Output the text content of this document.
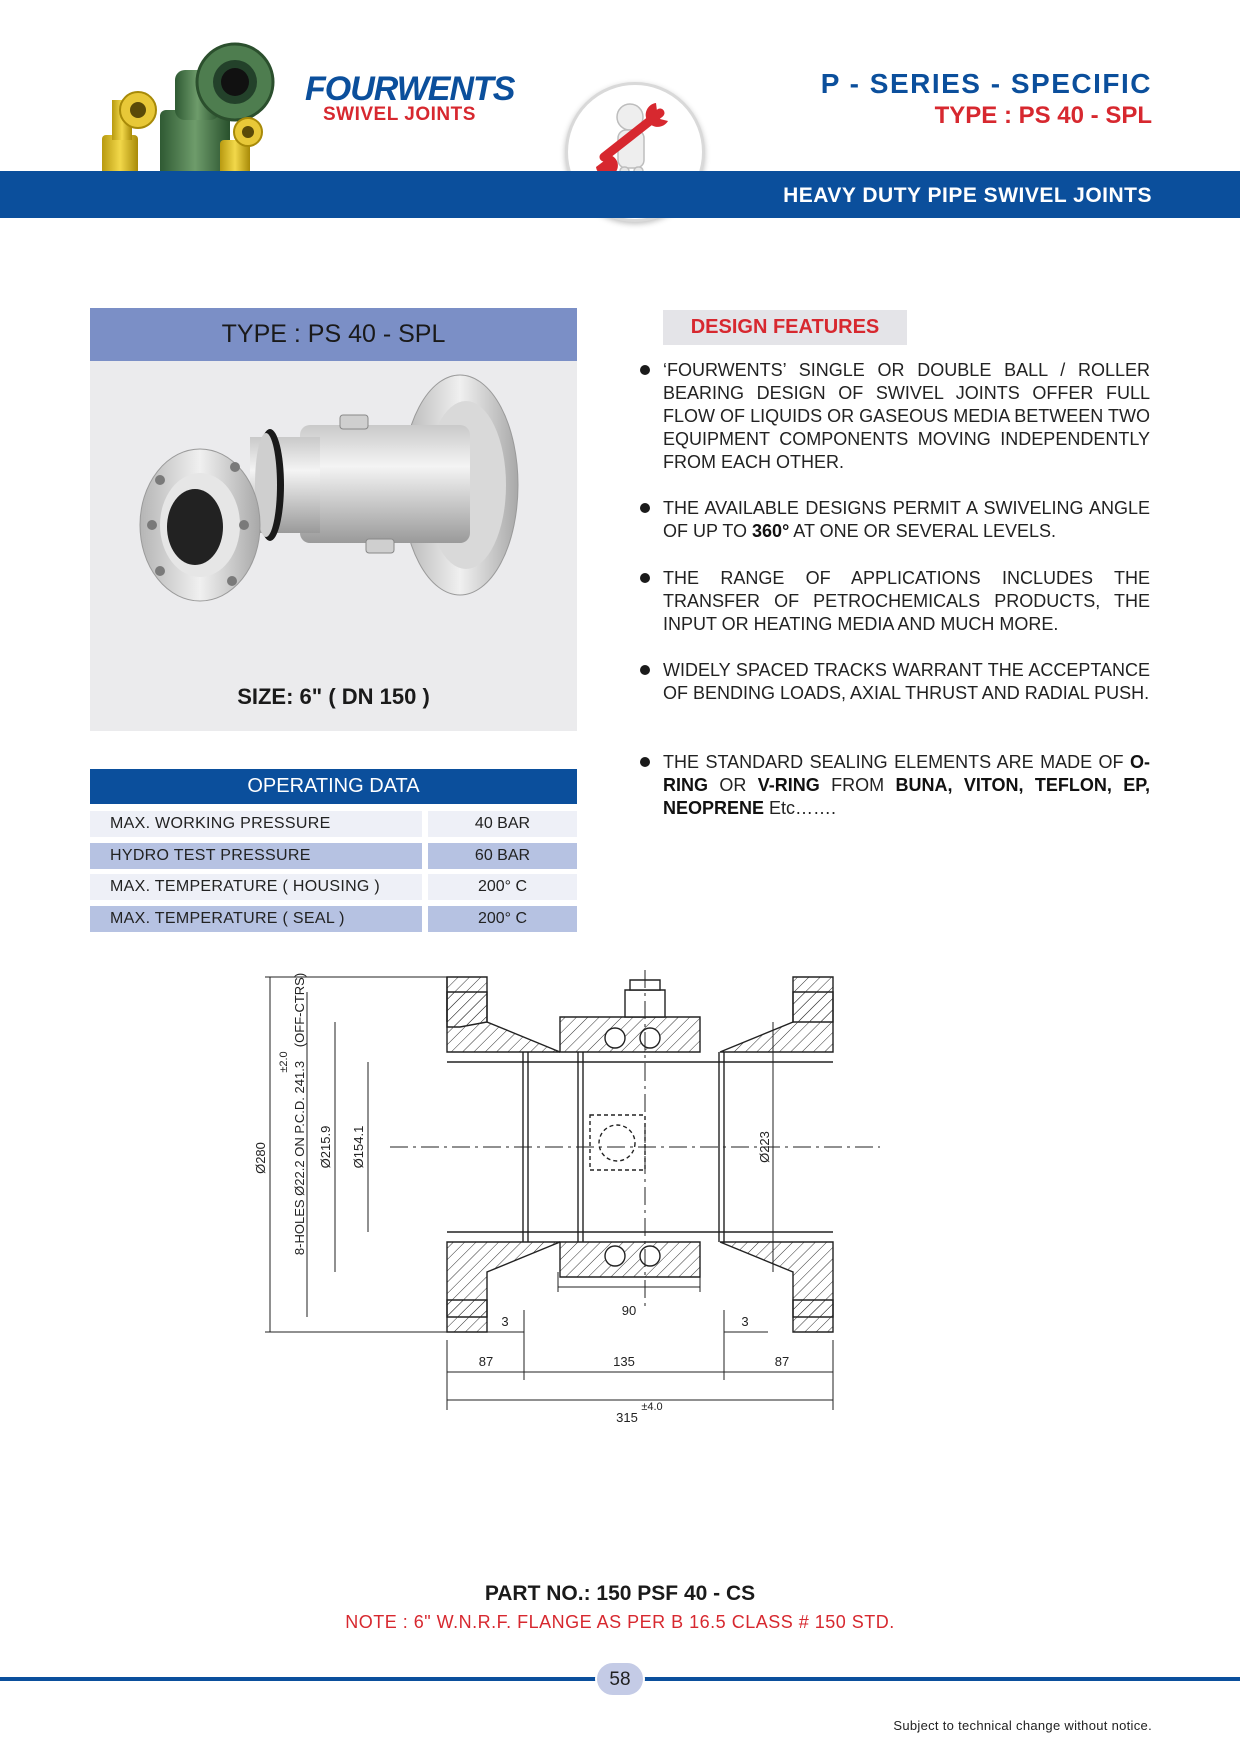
FOURWENTS
SWIVEL JOINTS
P - SERIES - SPECIFIC
TYPE : PS 40 - SPL
HEAVY DUTY PIPE SWIVEL JOINTS
TYPE : PS 40 - SPL
SIZE: 6" ( DN 150 )
OPERATING DATA
MAX. WORKING PRESSURE	40 BAR
HYDRO TEST PRESSURE	60 BAR
MAX. TEMPERATURE ( HOUSING )	200° C
MAX. TEMPERATURE ( SEAL )	200° C
DESIGN FEATURES
‘FOURWENTS’ SINGLE OR DOUBLE BALL / ROLLER BEARING DESIGN OF SWIVEL JOINTS OFFER FULL FLOW OF LIQUIDS OR GASEOUS MEDIA BETWEEN TWO EQUIPMENT COMPONENTS MOVING INDEPENDENTLY FROM EACH OTHER.
THE AVAILABLE DESIGNS PERMIT A SWIVELING ANGLE OF UP TO 360° AT ONE OR SEVERAL LEVELS.
THE RANGE OF APPLICATIONS INCLUDES THE TRANSFER OF PETROCHEMICALS PRODUCTS, THE INPUT OR HEATING MEDIA AND MUCH MORE.
WIDELY SPACED TRACKS WARRANT THE ACCEPTANCE OF BENDING LOADS, AXIAL THRUST AND RADIAL PUSH.
THE STANDARD SEALING ELEMENTS ARE MADE OF O-RING OR V-RING FROM BUNA, VITON, TEFLON, EP, NEOPRENE Etc…….
Ø280 8-HOLES Ø22.2 ON P.C.D. 241.3
±2.0
(OFF-CTRS)
Ø215.9 Ø154.1	Ø223
90
3	3
87	135	87
315
±4.0
PART NO.: 150 PSF 40 - CS
NOTE : 6" W.N.R.F. FLANGE AS PER B 16.5 CLASS # 150 STD.
58
Subject to technical change without notice.
